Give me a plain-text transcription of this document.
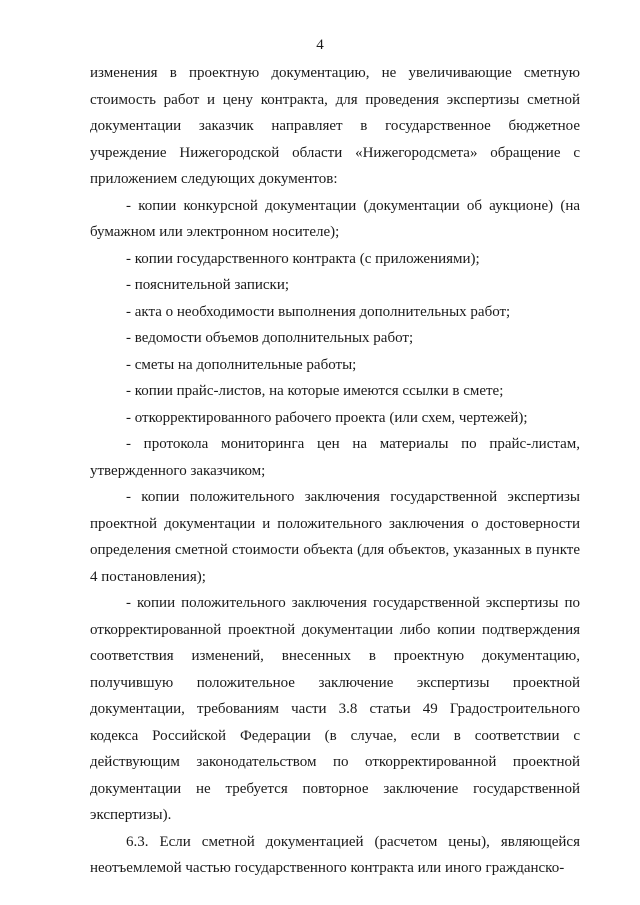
4

изменения в проектную документацию, не увеличивающие сметную стоимость работ и цену контракта, для проведения экспертизы сметной документации заказчик направляет в государственное бюджетное учреждение Нижегородской области «Нижегородсмета» обращение с приложением следующих документов:

- копии конкурсной документации (документации об аукционе) (на бумажном или электронном носителе);

- копии государственного контракта (с приложениями);

- пояснительной записки;

- акта о необходимости выполнения дополнительных работ;

- ведомости объемов дополнительных работ;

- сметы на дополнительные работы;

- копии прайс-листов, на которые имеются ссылки в смете;

- откорректированного рабочего проекта (или схем, чертежей);

- протокола мониторинга цен на материалы по прайс-листам, утвержденного заказчиком;

- копии положительного заключения государственной экспертизы проектной документации и положительного заключения о достоверности определения сметной стоимости объекта (для объектов, указанных в пункте 4 постановления);

- копии положительного заключения государственной экспертизы по откорректированной проектной документации либо копии подтверждения соответствия изменений, внесенных в проектную документацию, получившую положительное заключение экспертизы проектной документации, требованиям части 3.8 статьи 49 Градостроительного кодекса Российской Федерации (в случае, если в соответствии с действующим законодательством по откорректированной проектной документации не требуется повторное заключение государственной экспертизы).

6.3. Если сметной документацией (расчетом цены), являющейся неотъемлемой частью государственного контракта или иного гражданско-
